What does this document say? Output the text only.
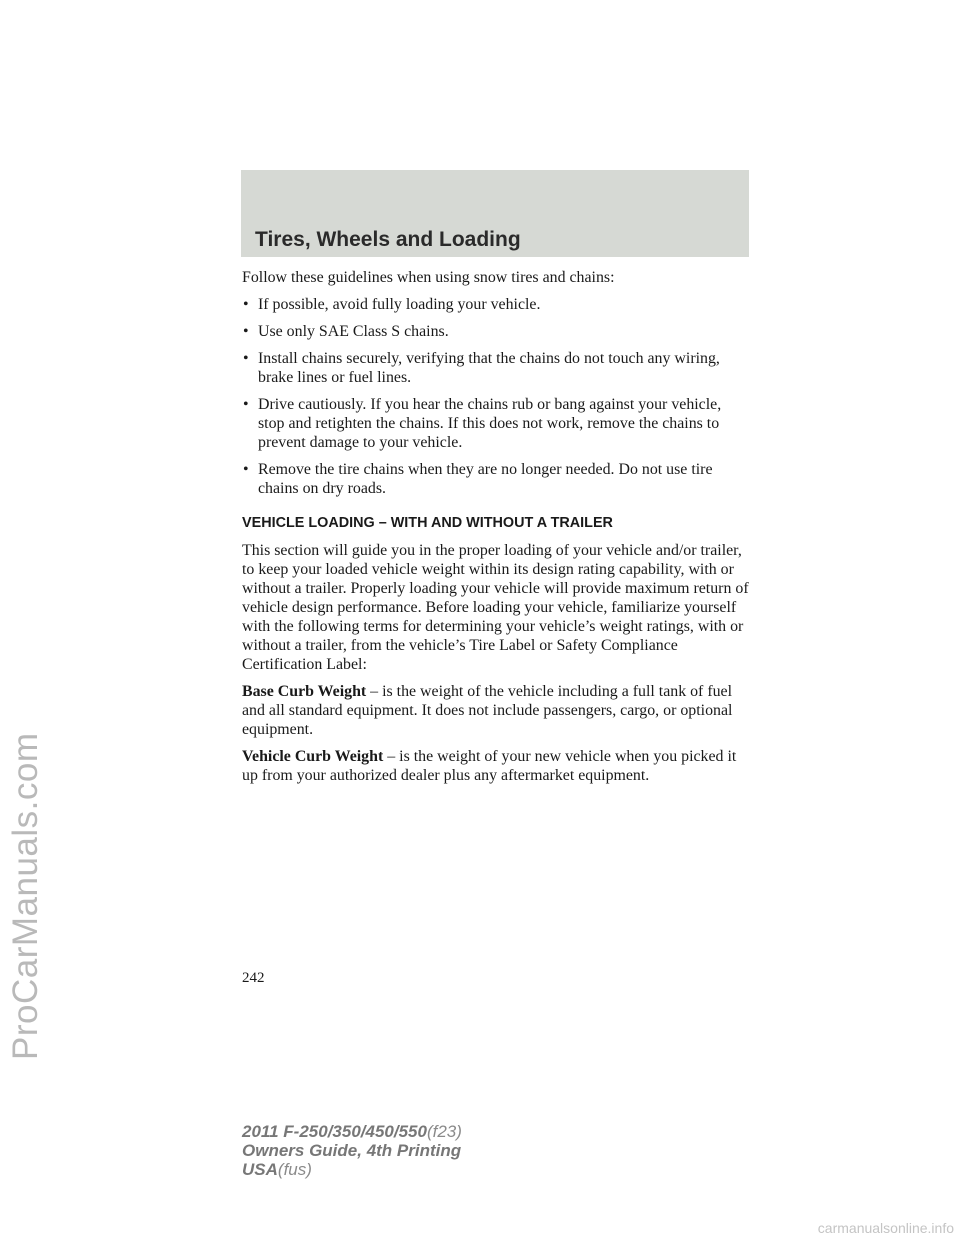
ProCarManuals.com
Tires, Wheels and Loading

Follow these guidelines when using snow tires and chains:

• If possible, avoid fully loading your vehicle.
• Use only SAE Class S chains.
• Install chains securely, verifying that the chains do not touch any wiring, brake lines or fuel lines.
• Drive cautiously. If you hear the chains rub or bang against your vehicle, stop and retighten the chains. If this does not work, remove the chains to prevent damage to your vehicle.
• Remove the tire chains when they are no longer needed. Do not use tire chains on dry roads.
VEHICLE LOADING – WITH AND WITHOUT A TRAILER

This section will guide you in the proper loading of your vehicle and/or trailer, to keep your loaded vehicle weight within its design rating capability, with or without a trailer. Properly loading your vehicle will provide maximum return of vehicle design performance. Before loading your vehicle, familiarize yourself with the following terms for determining your vehicle’s weight ratings, with or without a trailer, from the vehicle’s Tire Label or Safety Compliance Certification Label:

Base Curb Weight – is the weight of the vehicle including a full tank of fuel and all standard equipment. It does not include passengers, cargo, or optional equipment.

Vehicle Curb Weight – is the weight of your new vehicle when you picked it up from your authorized dealer plus any aftermarket equipment.

242
2011 F-250/350/450/550(f23)
Owners Guide, 4th Printing
USA(fus)
carmanualsonline.info
